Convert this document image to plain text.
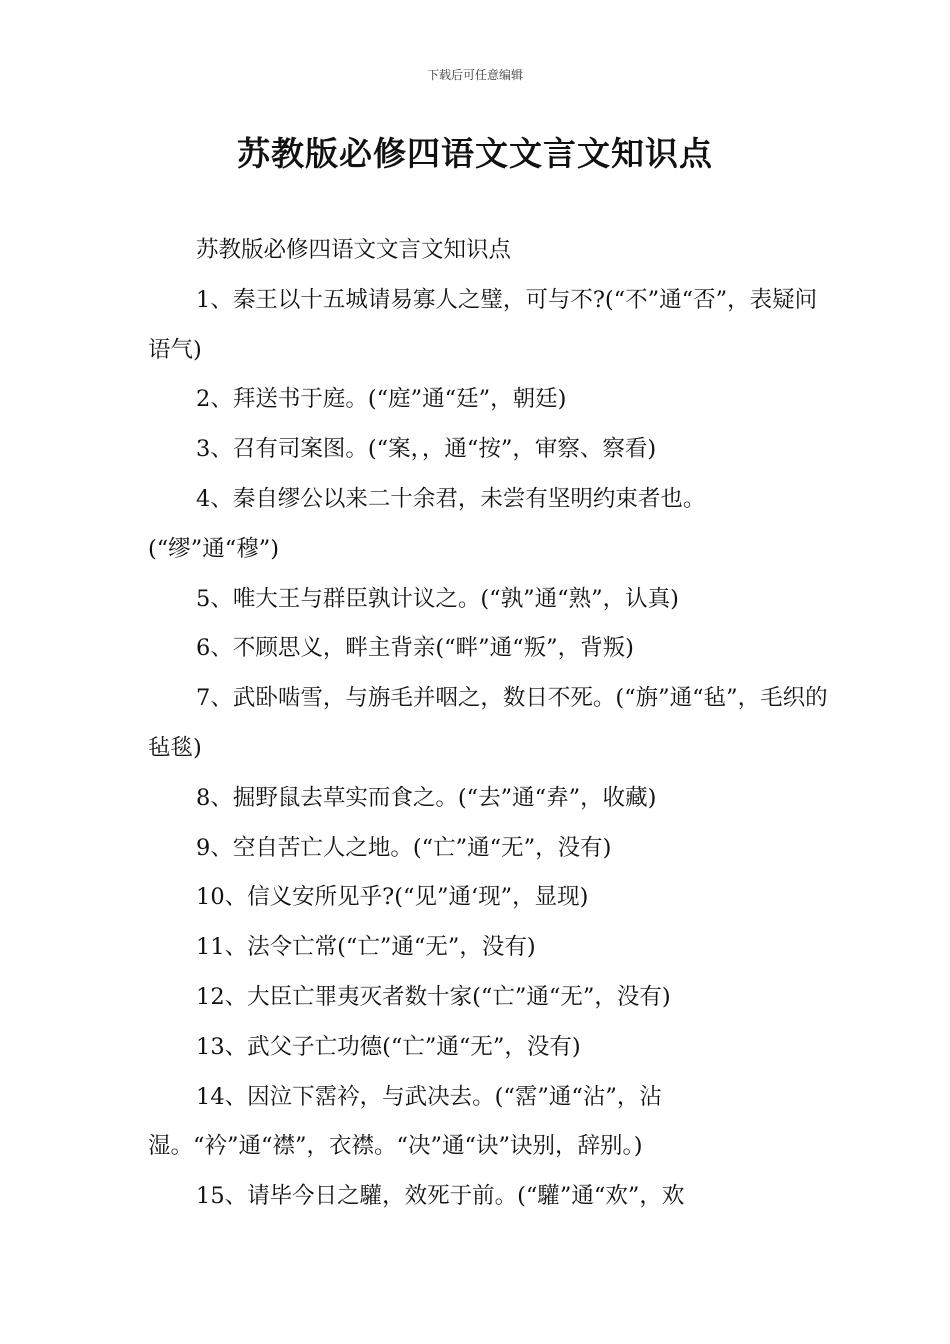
下载后可任意编辑
苏教版必修四语文文言文知识点

苏教版必修四语文文言文知识点

1、秦王以十五城请易寡人之璧，可与不?(“不”通“否”，表疑问语气)

2、拜送书于庭。(“庭”通“廷”，朝廷)

3、召有司案图。(“案，，通“按”，审察、察看)

4、秦自缪公以来二十余君，未尝有坚明约束者也。(“缪”通“穆”)

5、唯大王与群臣孰计议之。(“孰”通“熟”，认真)

6、不顾思义，畔主背亲(“畔”通“叛”，背叛)

7、武卧啮雪，与旃毛并咽之，数日不死。(“旃”通“毡”，毛织的毡毯)

8、掘野鼠去草实而食之。(“去”通“弆”，收藏)

9、空自苦亡人之地。(“亡”通“无”，没有)

10、信义安所见乎?(“见”通‘现”，显现)

11、法令亡常(“亡”通“无”，没有)

12、大臣亡罪夷灭者数十家(“亡”通“无”，没有)

13、武父子亡功德(“亡”通“无”，没有)

14、因泣下霑衿，与武决去。(“霑”通“沾”，沾湿。“衿”通“襟”，衣襟。“决”通“诀”诀别，辞别。)

15、请毕今日之驩，效死于前。(“驩”通“欢”，欢
